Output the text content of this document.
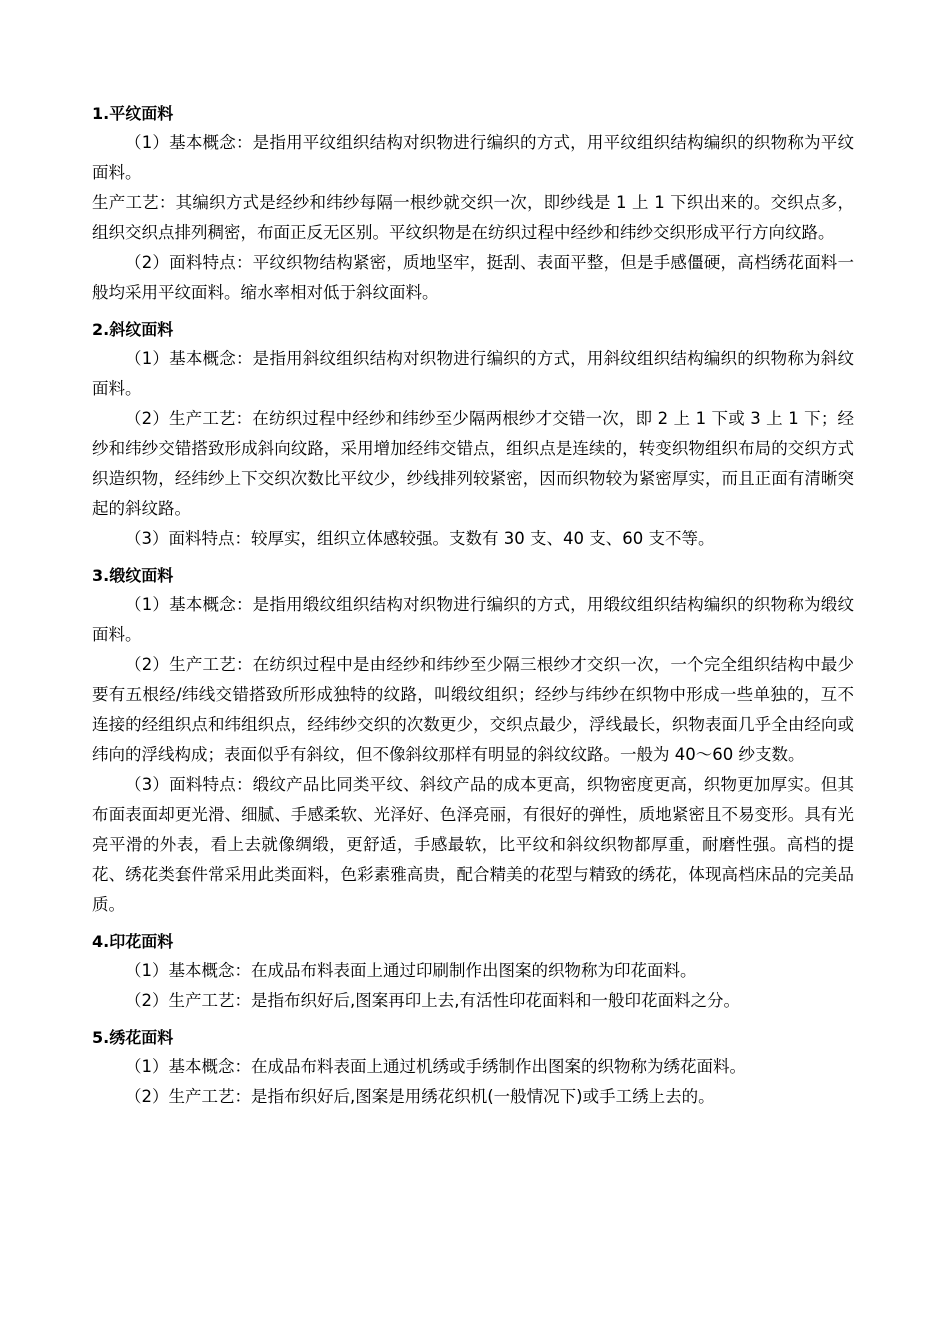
1.平纹面料

（1）基本概念：是指用平纹组织结构对织物进行编织的方式，用平纹组织结构编织的织物称为平纹面料。

生产工艺：其编织方式是经纱和纬纱每隔一根纱就交织一次，即纱线是 1 上 1 下织出来的。交织点多，组织交织点排列稠密，布面正反无区别。平纹织物是在纺织过程中经纱和纬纱交织形成平行方向纹路。

（2）面料特点：平纹织物结构紧密，质地坚牢，挺刮、表面平整，但是手感僵硬，高档绣花面料一般均采用平纹面料。缩水率相对低于斜纹面料。

2.斜纹面料

（1）基本概念：是指用斜纹组织结构对织物进行编织的方式，用斜纹组织结构编织的织物称为斜纹面料。

（2）生产工艺：在纺织过程中经纱和纬纱至少隔两根纱才交错一次，即 2 上 1 下或 3 上 1 下；经纱和纬纱交错搭致形成斜向纹路，采用增加经纬交错点，组织点是连续的，转变织物组织布局的交织方式织造织物，经纬纱上下交织次数比平纹少，纱线排列较紧密，因而织物较为紧密厚实，而且正面有清晰突起的斜纹路。

（3）面料特点：较厚实，组织立体感较强。支数有 30 支、40 支、60 支不等。

3.缎纹面料

（1）基本概念：是指用缎纹组织结构对织物进行编织的方式，用缎纹组织结构编织的织物称为缎纹面料。

（2）生产工艺：在纺织过程中是由经纱和纬纱至少隔三根纱才交织一次，一个完全组织结构中最少要有五根经/纬线交错搭致所形成独特的纹路，叫缎纹组织；经纱与纬纱在织物中形成一些单独的，互不连接的经组织点和纬组织点，经纬纱交织的次数更少，交织点最少，浮线最长，织物表面几乎全由经向或纬向的浮线构成；表面似乎有斜纹，但不像斜纹那样有明显的斜纹纹路。一般为 40～60 纱支数。

（3）面料特点：缎纹产品比同类平纹、斜纹产品的成本更高，织物密度更高，织物更加厚实。但其布面表面却更光滑、细腻、手感柔软、光泽好、色泽亮丽，有很好的弹性，质地紧密且不易变形。具有光亮平滑的外表，看上去就像绸缎，更舒适，手感最软，比平纹和斜纹织物都厚重，耐磨性强。高档的提花、绣花类套件常采用此类面料，色彩素雅高贵，配合精美的花型与精致的绣花，体现高档床品的完美品质。

4.印花面料

（1）基本概念：在成品布料表面上通过印刷制作出图案的织物称为印花面料。

（2）生产工艺：是指布织好后,图案再印上去,有活性印花面料和一般印花面料之分。

5.绣花面料

（1）基本概念：在成品布料表面上通过机绣或手绣制作出图案的织物称为绣花面料。

（2）生产工艺：是指布织好后,图案是用绣花织机(一般情况下)或手工绣上去的。
